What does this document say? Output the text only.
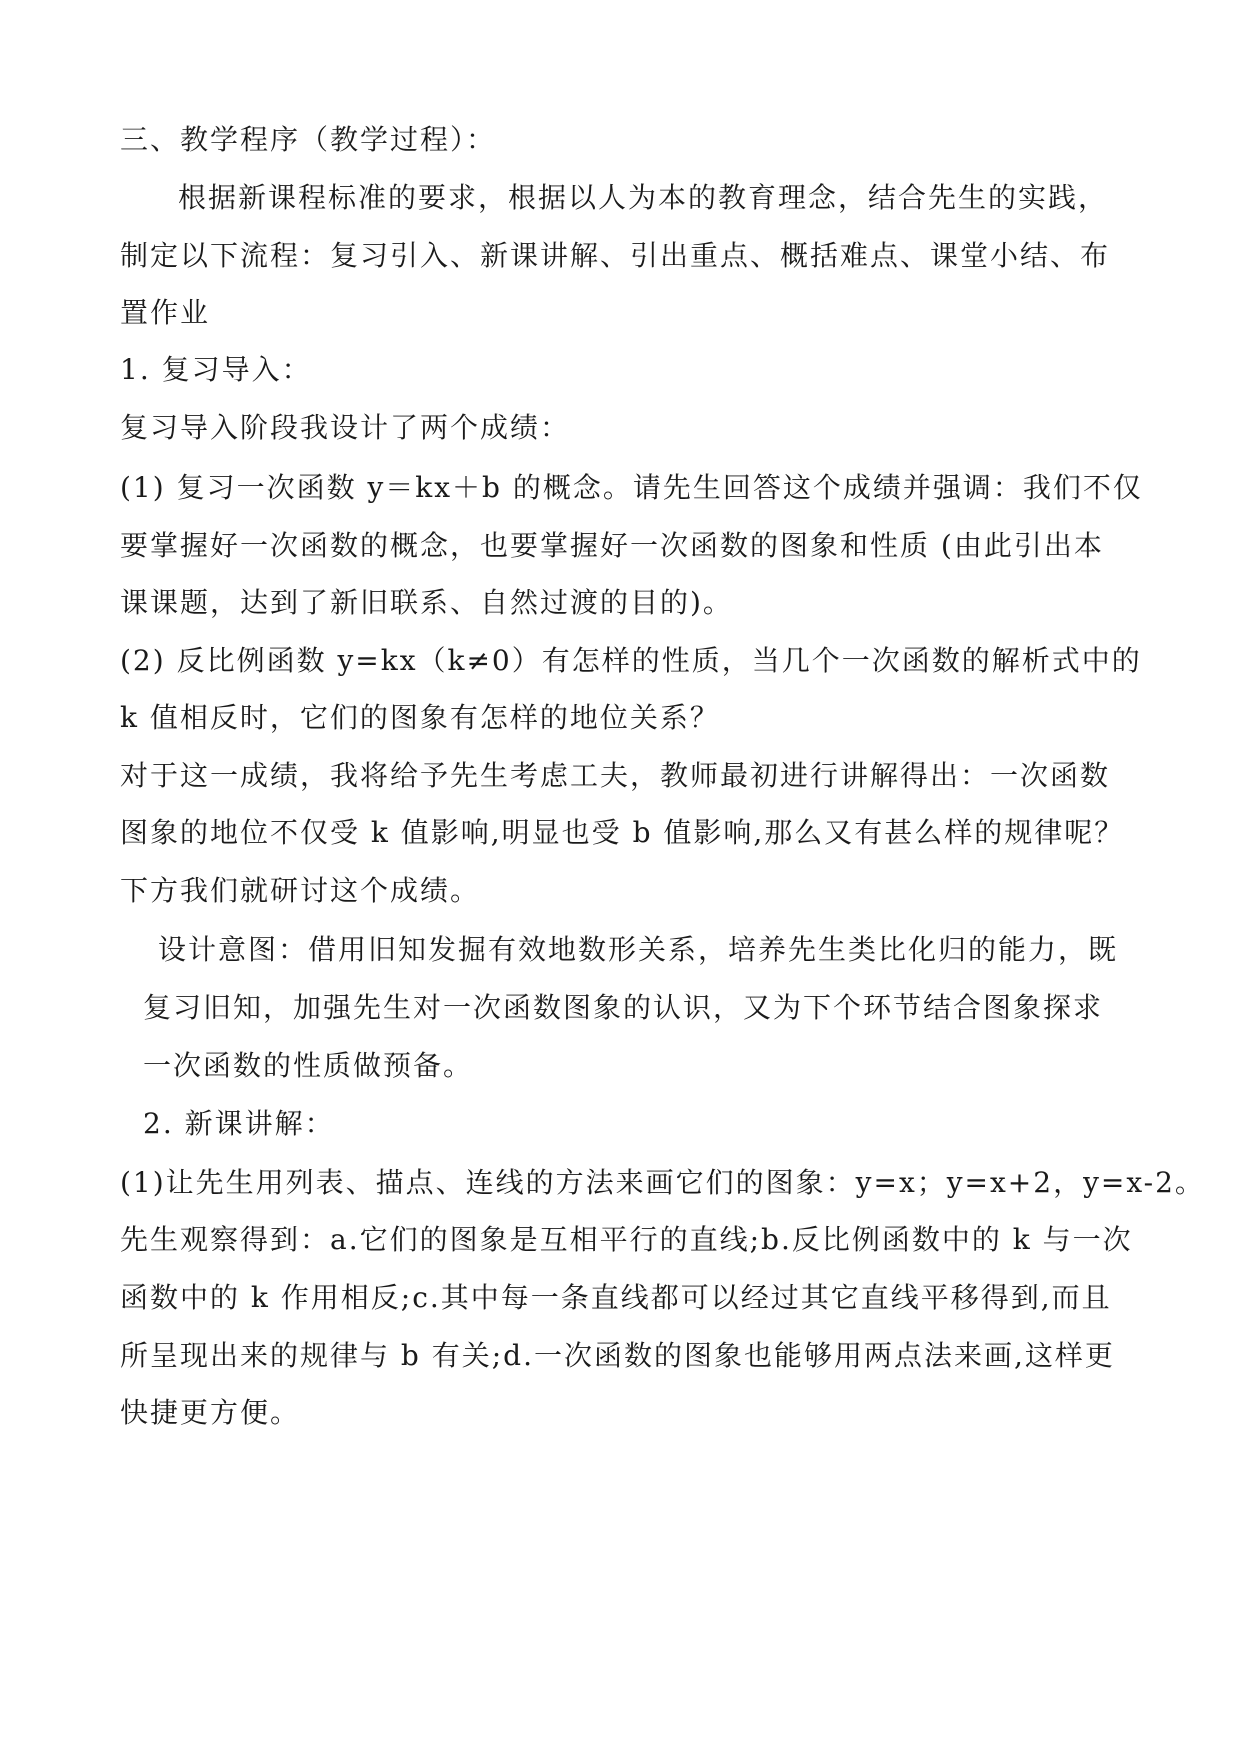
三、教学程序（教学过程）：
根据新课程标准的要求，根据以人为本的教育理念，结合先生的实践，
制定以下流程：复习引入、新课讲解、引出重点、概括难点、课堂小结、布
置作业
1. 复习导入：
复习导入阶段我设计了两个成绩：
(1) 复习一次函数 y＝kx＋b 的概念。请先生回答这个成绩并强调：我们不仅
要掌握好一次函数的概念，也要掌握好一次函数的图象和性质 (由此引出本
课课题，达到了新旧联系、自然过渡的目的)。
(2) 反比例函数 y=kx（k≠0）有怎样的性质，当几个一次函数的解析式中的
k 值相反时，它们的图象有怎样的地位关系？
对于这一成绩，我将给予先生考虑工夫，教师最初进行讲解得出：一次函数
图象的地位不仅受 k 值影响,明显也受 b 值影响,那么又有甚么样的规律呢？
下方我们就研讨这个成绩。
设计意图：借用旧知发掘有效地数形关系，培养先生类比化归的能力，既
复习旧知，加强先生对一次函数图象的认识，又为下个环节结合图象探求
一次函数的性质做预备。
2. 新课讲解：
(1)让先生用列表、描点、连线的方法来画它们的图象：y=x；y=x+2，y=x-2。
先生观察得到：a.它们的图象是互相平行的直线;b.反比例函数中的 k 与一次
函数中的 k 作用相反;c.其中每一条直线都可以经过其它直线平移得到,而且
所呈现出来的规律与 b 有关;d.一次函数的图象也能够用两点法来画,这样更
快捷更方便。
